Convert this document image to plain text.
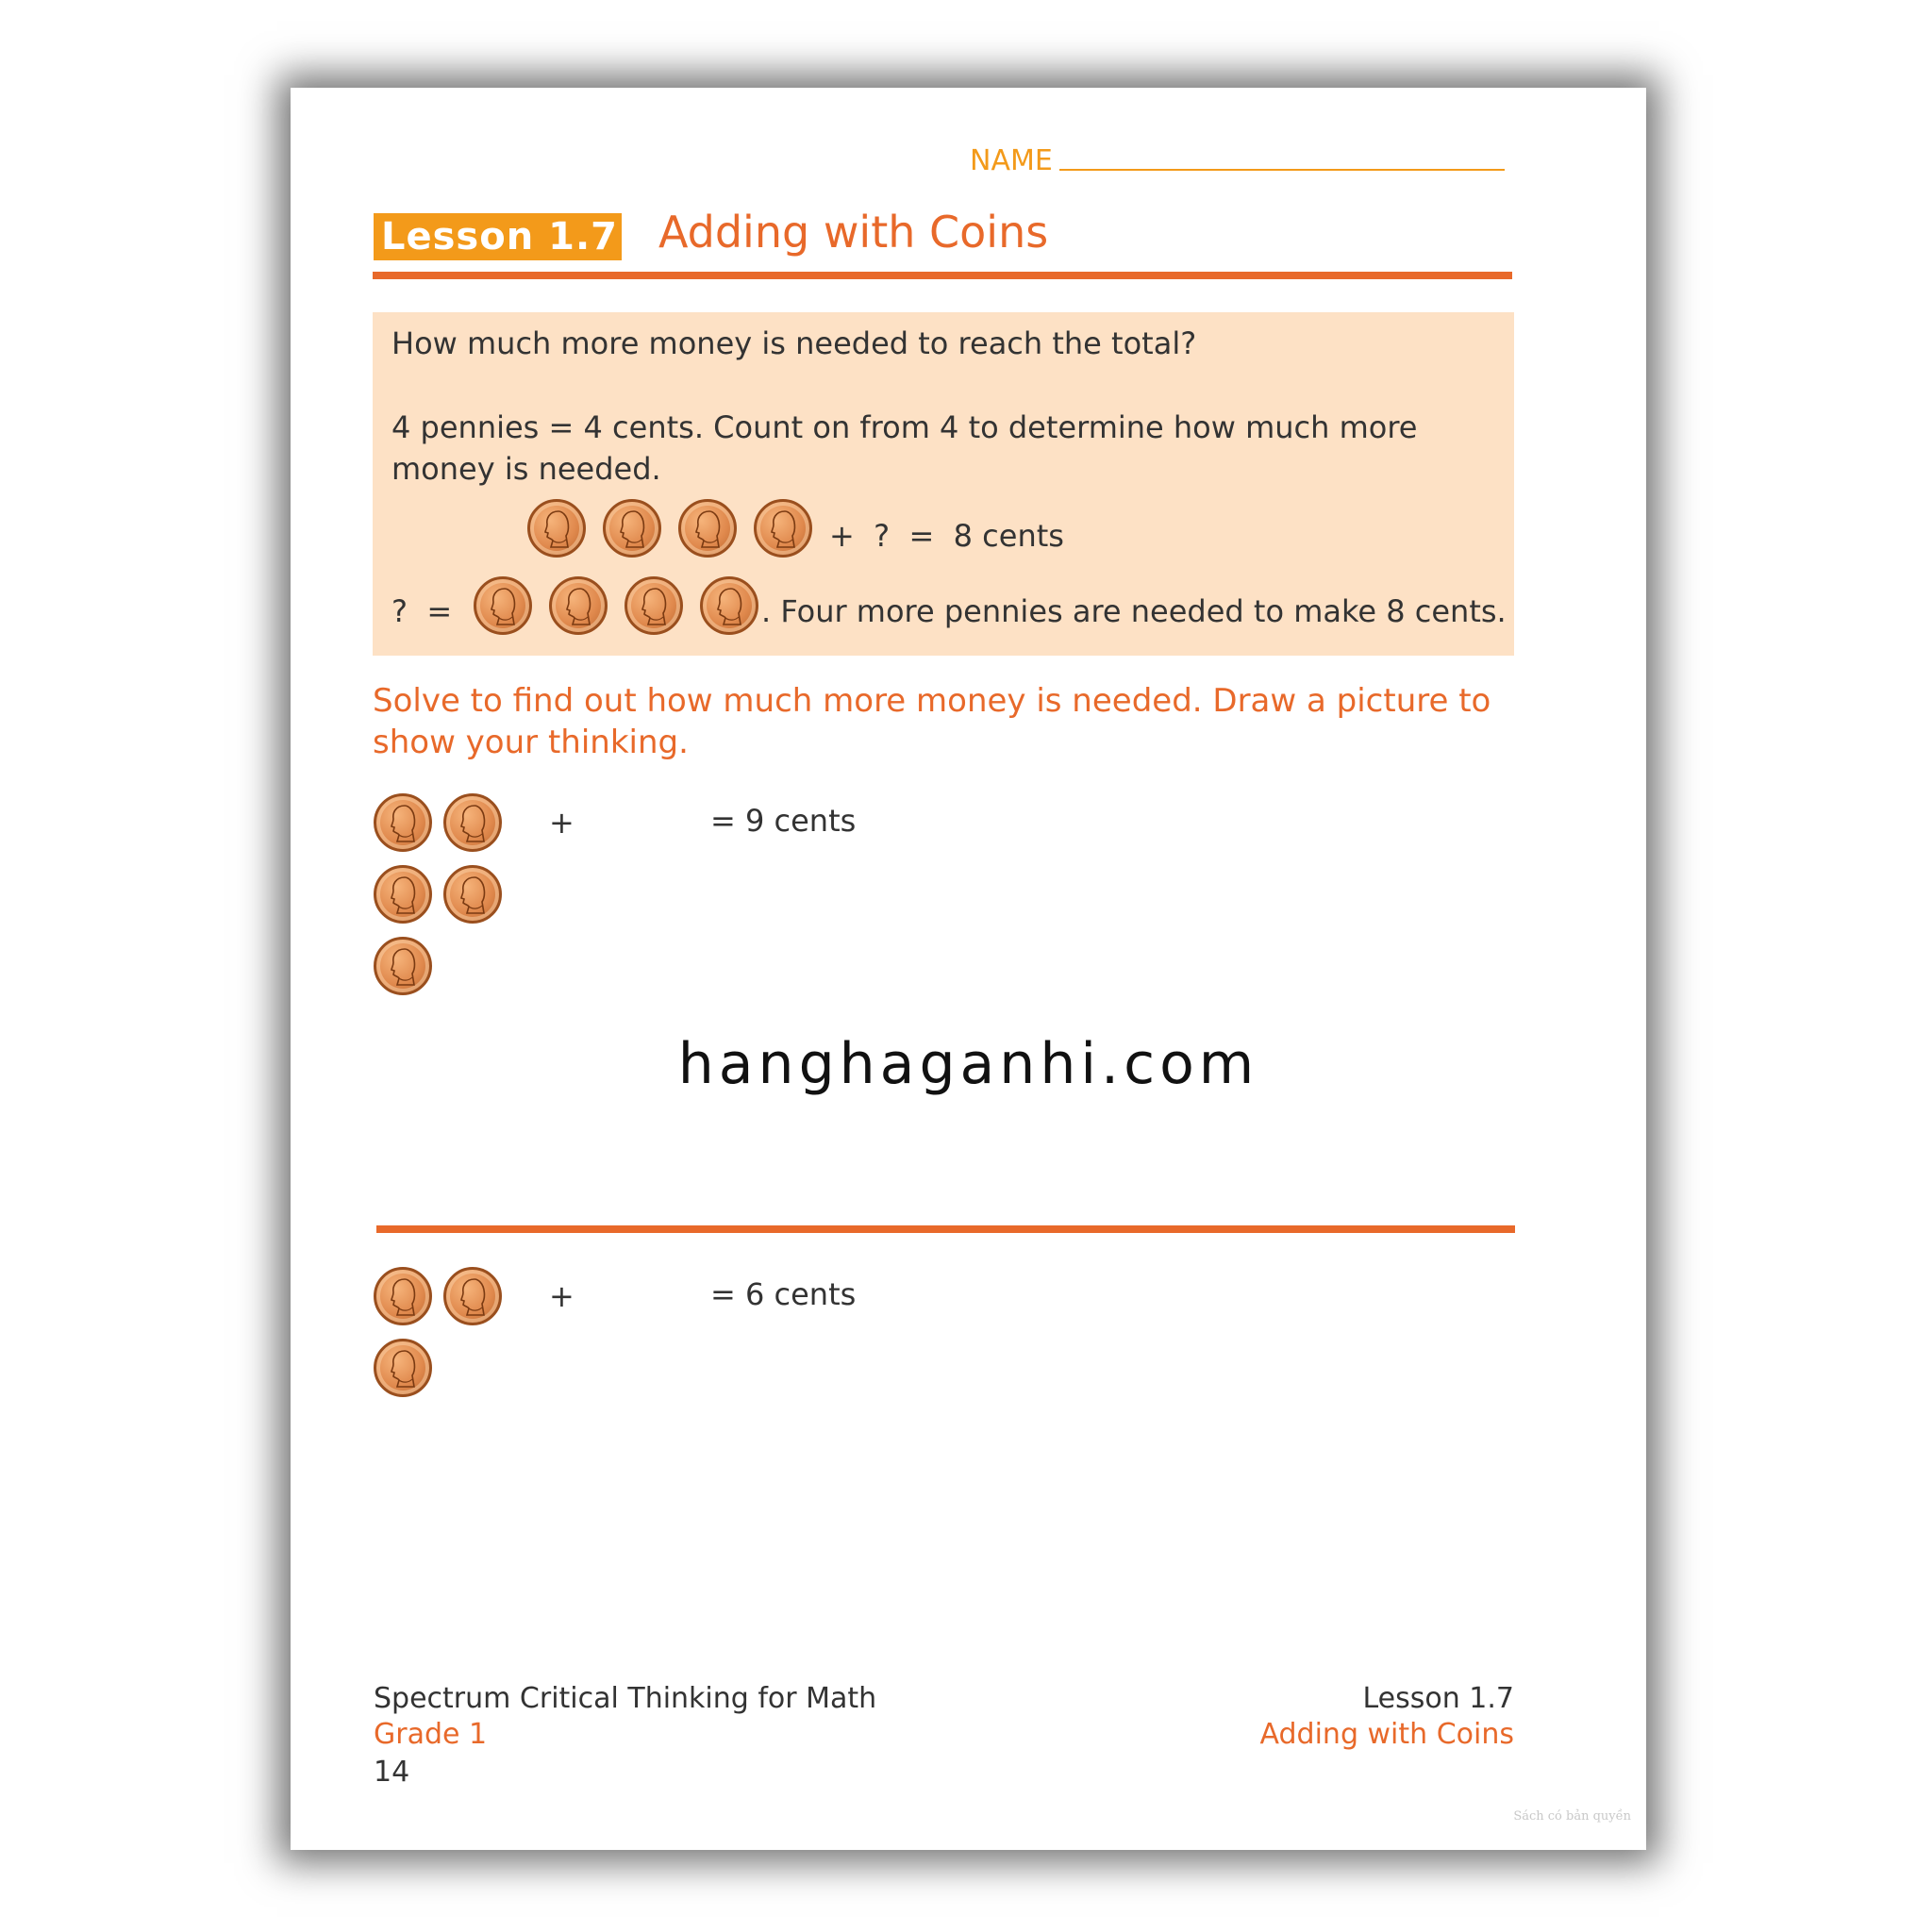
NAME
Lesson 1.7 Adding with Coins
How much more money is needed to reach the total?
4 pennies = 4 cents. Count on from 4 to determine how much more money is needed.
+  ?  =  8 cents
?  =	. Four more pennies are needed to make 8 cents.
Solve to find out how much more money is needed. Draw a picture to show your thinking.
+	= 9 cents
hanghaganhi.com
+	= 6 cents
Spectrum Critical Thinking for Math
Grade 1
14
Lesson 1.7
Adding with Coins
Sách có bản quyền
